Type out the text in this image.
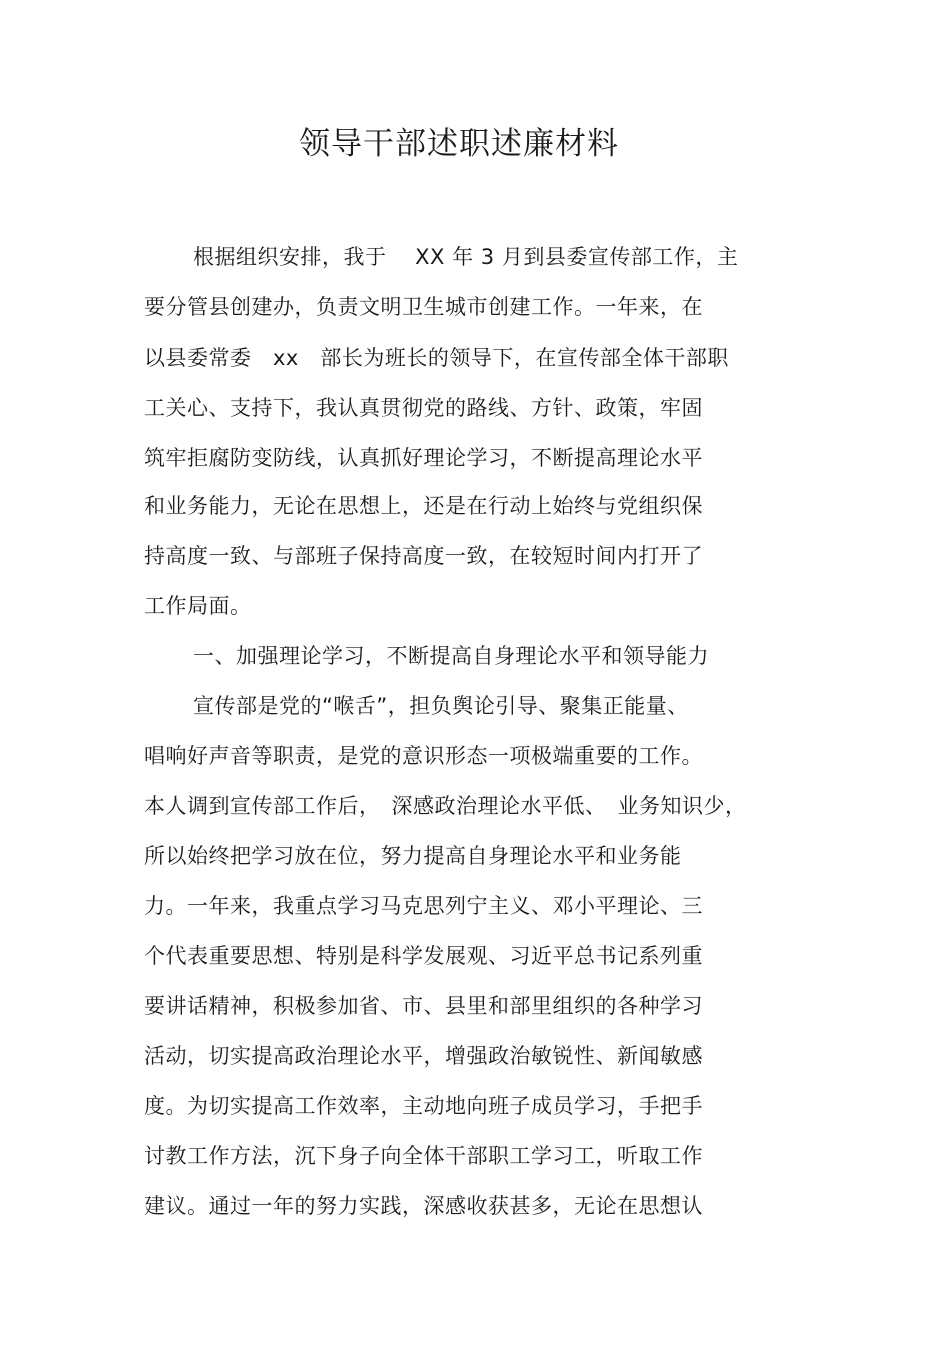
领导干部述职述廉材料
根据组织安排，我于　 XX 年 3 月到县委宣传部工作，主
要分管县创建办，负责文明卫生城市创建工作。一年来，在
以县委常委　xx　部长为班长的领导下，在宣传部全体干部职
工关心、支持下，我认真贯彻党的路线、方针、政策，牢固
筑牢拒腐防变防线，认真抓好理论学习，不断提高理论水平
和业务能力，无论在思想上，还是在行动上始终与党组织保
持高度一致、与部班子保持高度一致，在较短时间内打开了
工作局面。
一、加强理论学习，不断提高自身理论水平和领导能力
宣传部是党的“喉舌”，担负舆论引导、聚集正能量、
唱响好声音等职责，是党的意识形态一项极端重要的工作。
本人调到宣传部工作后，　深感政治理论水平低、　业务知识少，
所以始终把学习放在位，努力提高自身理论水平和业务能
力。一年来，我重点学习马克思列宁主义、邓小平理论、三
个代表重要思想、特别是科学发展观、习近平总书记系列重
要讲话精神，积极参加省、市、县里和部里组织的各种学习
活动，切实提高政治理论水平，增强政治敏锐性、新闻敏感
度。为切实提高工作效率，主动地向班子成员学习，手把手
讨教工作方法，沉下身子向全体干部职工学习工，听取工作
建议。通过一年的努力实践，深感收获甚多，无论在思想认
